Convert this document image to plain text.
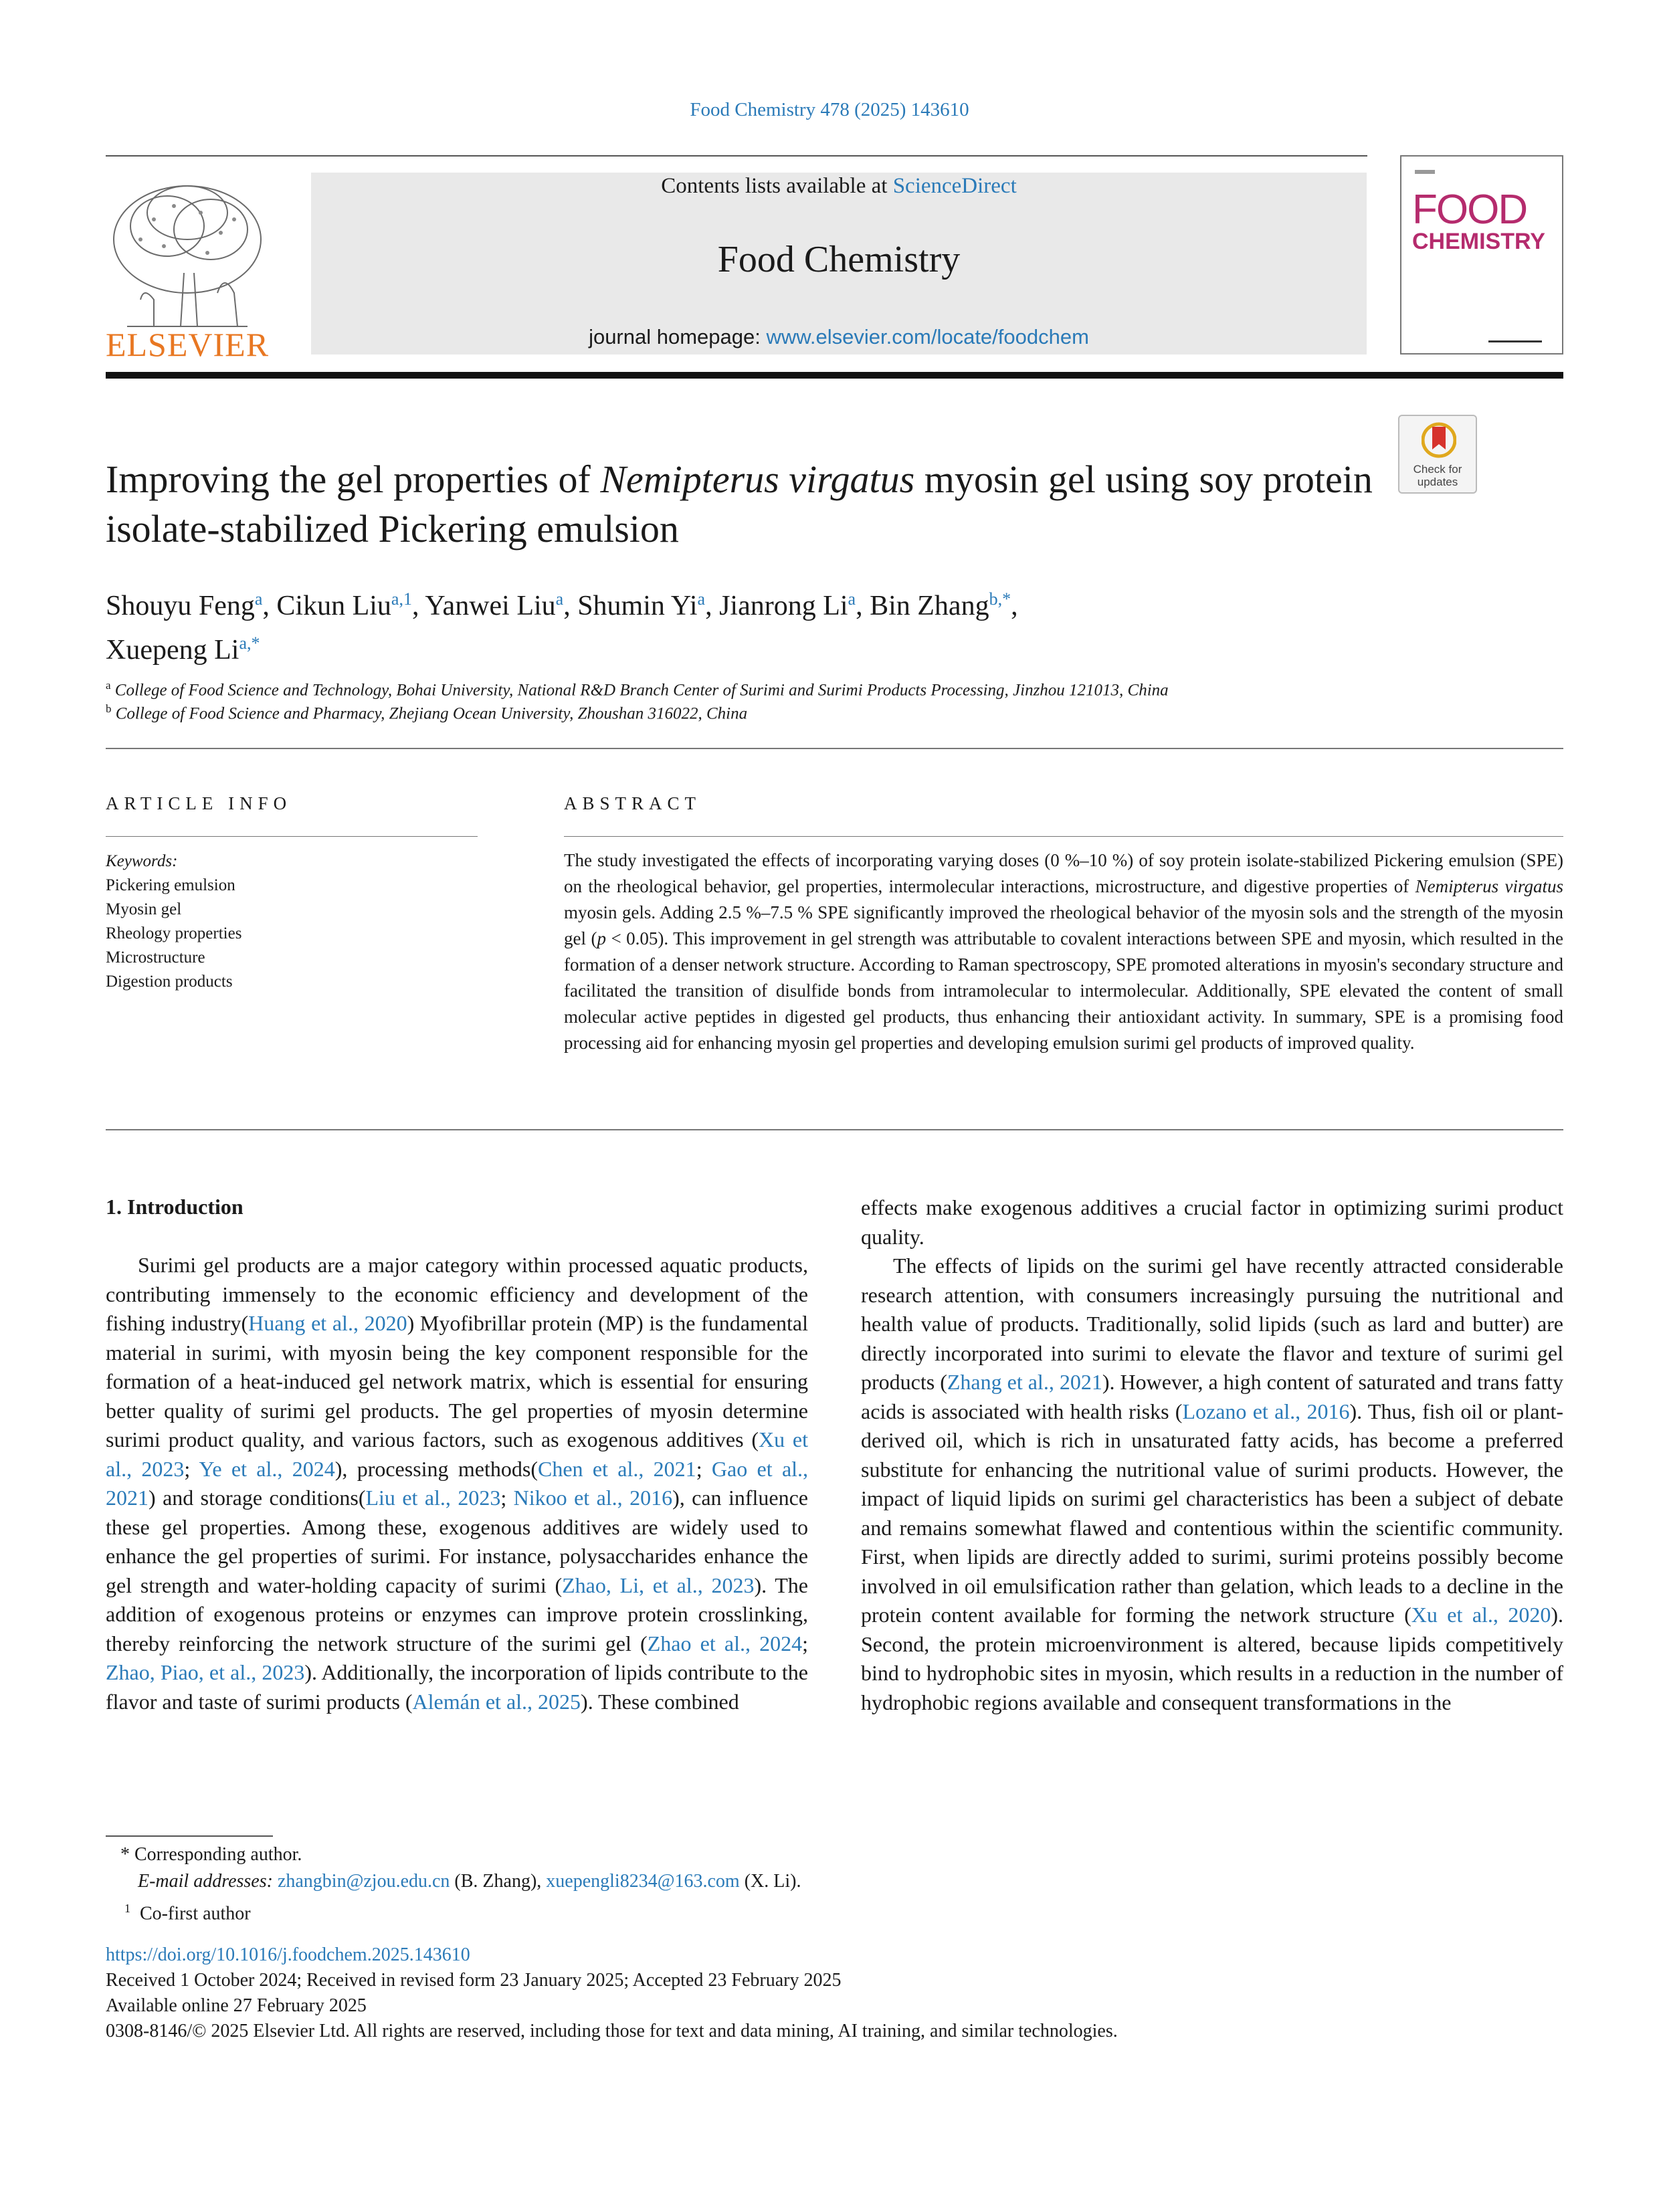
Food Chemistry 478 (2025) 143610
ELSEVIER
Contents lists available at ScienceDirect
Food Chemistry
journal homepage: www.elsevier.com/locate/foodchem
FOOD
CHEMISTRY
Check for updates
Improving the gel properties of Nemipterus virgatus myosin gel using soy protein isolate-stabilized Pickering emulsion
Shouyu Feng$^a$, Cikun Liu$^{a,1}$, Yanwei Liu$^a$, Shumin Yi$^a$, Jianrong Li$^a$, Bin Zhang$^{b,*}$,
Xuepeng $Li^{a,*}$
$^a$ College of Food Science and Technology, Bohai University, National R&D Branch Center of Surimi and Surimi Products Processing, Jinzhou 121013, China
$^b$ College of Food Science and Pharmacy, Zhejiang Ocean University, Zhoushan 316022, China
ARTICLE INFO
Keywords:
Pickering emulsion
Myosin gel
Rheology properties
Microstructure
Digestion products
ABSTRACT
The study investigated the effects of incorporating varying doses (0 %–10 %) of soy protein isolate-stabilized Pickering emulsion (SPE) on the rheological behavior, gel properties, intermolecular interactions, microstructure, and digestive properties of Nemipterus virgatus myosin gels. Adding 2.5 %–7.5 % SPE significantly improved the rheological behavior of the myosin sols and the strength of the myosin gel (p < 0.05). This improvement in gel strength was attributable to covalent interactions between SPE and myosin, which resulted in the formation of a denser network structure. According to Raman spectroscopy, SPE promoted alterations in myosin's secondary structure and facilitated the transition of disulfide bonds from intramolecular to intermolecular. Additionally, SPE elevated the content of small molecular active peptides in digested gel products, thus enhancing their antioxidant activity. In summary, SPE is a promising food processing aid for enhancing myosin gel properties and developing emulsion surimi gel products of improved quality.
1. Introduction

Surimi gel products are a major category within processed aquatic products, contributing immensely to the economic efficiency and development of the fishing industry(Huang et al., 2020) Myofibrillar protein (MP) is the fundamental material in surimi, with myosin being the key component responsible for the formation of a heat-induced gel network matrix, which is essential for ensuring better quality of surimi gel products. The gel properties of myosin determine surimi product quality, and various factors, such as exogenous additives (Xu et al., 2023; Ye et al., 2024), processing methods(Chen et al., 2021; Gao et al., 2021) and storage conditions(Liu et al., 2023; Nikoo et al., 2016), can influence these gel properties. Among these, exogenous additives are widely used to enhance the gel properties of surimi. For instance, polysaccharides enhance the gel strength and water-holding capacity of surimi (Zhao, Li, et al., 2023). The addition of exogenous proteins or enzymes can improve protein crosslinking, thereby reinforcing the network structure of the surimi gel (Zhao et al., 2024; Zhao, Piao, et al., 2023). Additionally, the incorporation of lipids contribute to the flavor and taste of surimi products (Alemán et al., 2025). These combined

effects make exogenous additives a crucial factor in optimizing surimi product quality.

The effects of lipids on the surimi gel have recently attracted considerable research attention, with consumers increasingly pursuing the nutritional and health value of products. Traditionally, solid lipids (such as lard and butter) are directly incorporated into surimi to elevate the flavor and texture of surimi gel products (Zhang et al., 2021). However, a high content of saturated and trans fatty acids is associated with health risks (Lozano et al., 2016). Thus, fish oil or plant-derived oil, which is rich in unsaturated fatty acids, has become a preferred substitute for enhancing the nutritional value of surimi products. However, the impact of liquid lipids on surimi gel characteristics has been a subject of debate and remains somewhat flawed and contentious within the scientific community. First, when lipids are directly added to surimi, surimi proteins possibly become involved in oil emulsification rather than gelation, which leads to a decline in the protein content available for forming the network structure (Xu et al., 2020). Second, the protein microenvironment is altered, because lipids competitively bind to hydrophobic sites in myosin, which results in a reduction in the number of hydrophobic regions available and consequent transformations in the

* Corresponding author.
E-mail addresses: zhangbin@zjou.edu.cn (B. Zhang), xuepengli8234@163.com (X. Li).
$^1$ Co-first author
https://doi.org/10.1016/j.foodchem.2025.143610
Received 1 October 2024; Received in revised form 23 January 2025; Accepted 23 February 2025
Available online 27 February 2025
0308-8146/© 2025 Elsevier Ltd. All rights are reserved, including those for text and data mining, AI training, and similar technologies.
